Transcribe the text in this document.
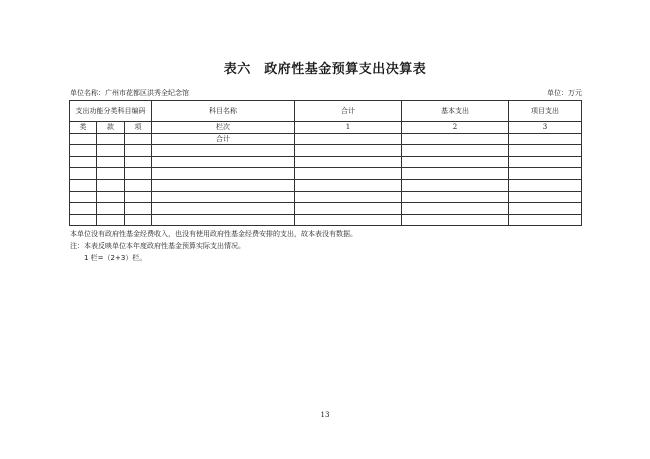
表六　政府性基金预算支出决算表
单位名称：广州市花都区洪秀全纪念馆	单位：万元
支出功能分类科目编码			科目名称	合计	基本支出	项目支出
类	款	项				
			栏次	1	2	3
			合计			

本单位没有政府性基金经费收入，也没有使用政府性基金经费安排的支出，故本表没有数据。
注：本表反映单位本年度政府性基金预算实际支出情况。
1 栏=（2+3）栏。
13
